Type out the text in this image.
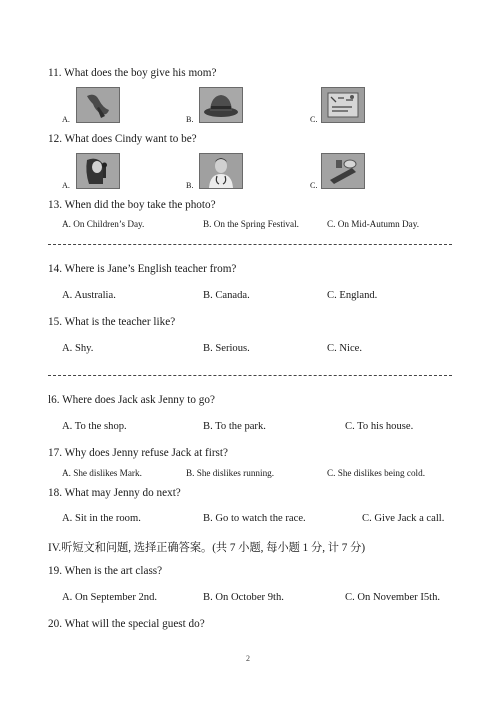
11. What does the boy give his mom?
A.	B.	C.
12. What does Cindy want to be?
A.	B.	C.
13. When did the boy take the photo?
A. On Children’s Day.	B. On the Spring Festival.	C. On Mid-Autumn Day.
14. Where is Jane’s English teacher from?
A. Australia.	B. Canada.	C. England.
15. What is the teacher like?
A. Shy.	B. Serious.	C. Nice.
l6. Where does Jack ask Jenny to go?
A. To the shop.	B. To the park.	C. To his house.
17. Why does Jenny refuse Jack at first?
A. She dislikes Mark.	B. She dislikes running.	C. She dislikes being cold.
18. What may Jenny do next?
A. Sit in the room.	B. Go to watch the race.	C. Give Jack a call.
IV.听短文和问题, 选择正确答案。(共 7 小题, 每小题 1 分, 计 7 分)
19. When is the art class?
A. On September 2nd.	B. On October 9th.	C. On November I5th.
20. What will the special guest do?
2
